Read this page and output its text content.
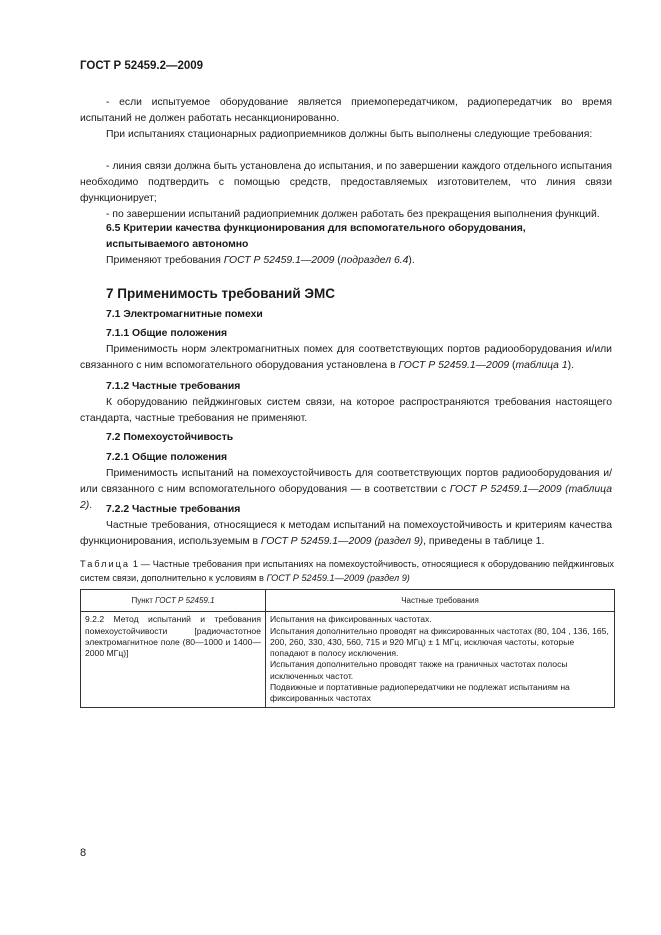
ГОСТ Р 52459.2—2009
- если испытуемое оборудование является приемопередатчиком, радиопередатчик во время испытаний не должен работать несанкционированно.
При испытаниях стационарных радиоприемников должны быть выполнены следующие требования:
- линия связи должна быть установлена до испытания, и по завершении каждого отдельного испытания необходимо подтвердить с помощью средств, предоставляемых изготовителем, что линия связи функционирует;
- по завершении испытаний радиоприемник должен работать без прекращения выполнения функций.
6.5 Критерии качества функционирования для вспомогательного оборудования, испытываемого автономно
Применяют требования ГОСТ Р 52459.1—2009 (подраздел 6.4).
7 Применимость требований ЭМС
7.1 Электромагнитные помехи
7.1.1 Общие положения
Применимость норм электромагнитных помех для соответствующих портов радиооборудования и/или связанного с ним вспомогательного оборудования установлена в ГОСТ Р 52459.1—2009 (таблица 1).
7.1.2 Частные требования
К оборудованию пейджинговых систем связи, на которое распространяются требования настоящего стандарта, частные требования не применяют.
7.2 Помехоустойчивость
7.2.1 Общие положения
Применимость испытаний на помехоустойчивость для соответствующих портов радиооборудования и/или связанного с ним вспомогательного оборудования — в соответствии с ГОСТ Р 52459.1—2009 (таблица 2).	7.2.2 Частные требования
Частные требования, относящиеся к методам испытаний на помехоустойчивость и критериям качества функционирования, используемым в ГОСТ Р 52459.1—2009 (раздел 9), приведены в таблице 1.
Таблица 1 — Частные требования при испытаниях на помехоустойчивость, относящиеся к оборудованию пейджинговых систем связи, дополнительно к условиям в ГОСТ Р 52459.1—2009 (раздел 9)
Пункт ГОСТ Р 52459.1	Частные требования
9.2.2 Метод испытаний и требования помехоустойчивости [радиочастотное электромагнитное поле (80—1000 и 1400—2000 МГц)]	Испытания на фиксированных частотах.
Испытания дополнительно проводят на фиксированных частотах (80, 104 , 136, 165, 200, 260, 330, 430, 560, 715 и 920 МГц) ± 1 МГц, исключая частоты, которые попадают в полосу исключения.
Испытания дополнительно проводят также на граничных частотах полосы исключенных частот.
Подвижные и портативные радиопередатчики не подлежат испытаниям на фиксированных частотах
8
